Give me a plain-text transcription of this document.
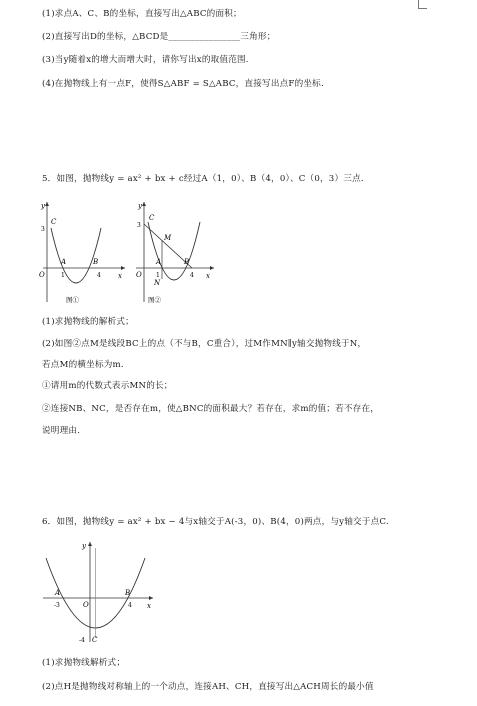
(1)求点A、C、B的坐标，直接写出△ABC的面积；
(2)直接写出D的坐标，△BCD是________________三角形；
(3)当y随着x的增大而增大时，请你写出x的取值范围.
(4)在抛物线上有一点F，使得S△ABF = S△ABC，直接写出点F的坐标.
5．如图，抛物线y = ax² + bx + c经过A（1，0）、B（4，0）、C（0，3）三点.
y
x
C
3
O
A	B
1	4
图①
y
x
C
3
O
A	B
M
N
1	4
图②
(1)求抛物线的解析式；
(2)如图②点M是线段BC上的点（不与B，C重合），过M作MN∥y轴交抛物线于N，
若点M的横坐标为m.
①请用m的代数式表示MN的长；
②连接NB、NC，是否存在m，使△BNC的面积最大？若存在，求m的值；若不存在，
说明理由.
6．如图，抛物线y = ax² + bx − 4与x轴交于A(-3，0)、B(4，0)两点，与y轴交于点C.
y
x
A
-3	O
B
4
-4 C
(1)求抛物线解析式；
(2)点H是抛物线对称轴上的一个动点，连接AH、CH，直接写出△ACH周长的最小值
